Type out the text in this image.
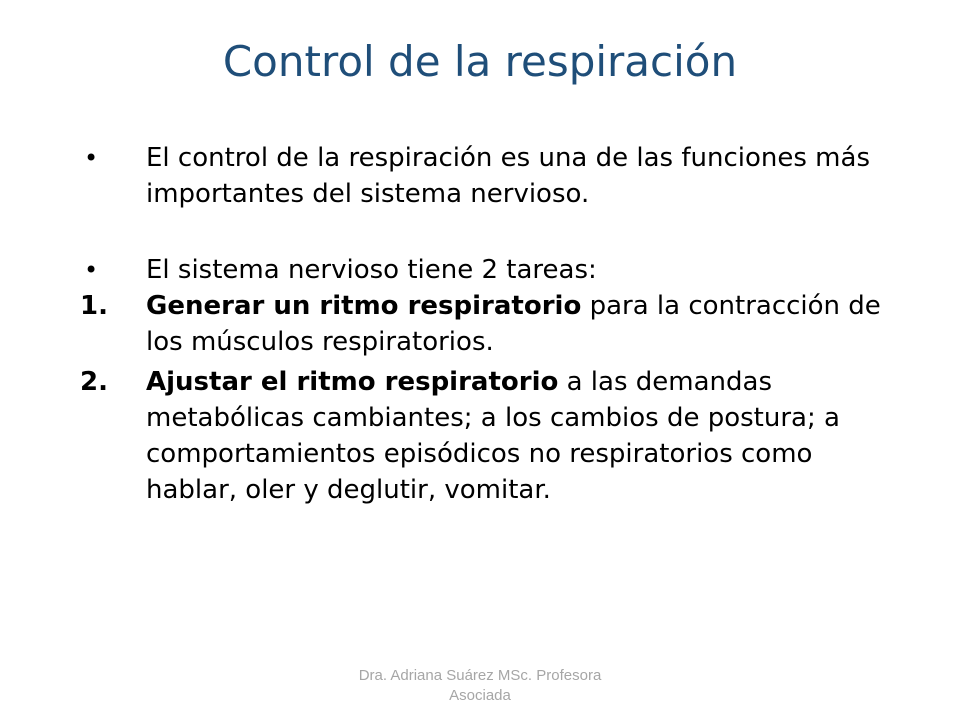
Control de la respiración
•	El control de la respiración es una de las funciones más importantes del sistema nervioso.
•	El sistema nervioso tiene 2 tareas:
1.	Generar un ritmo respiratorio para la contracción de los músculos respiratorios.
2.	Ajustar el ritmo respiratorio a las demandas metabólicas cambiantes; a los cambios de postura; a comportamientos episódicos no respiratorios como hablar, oler y deglutir, vomitar.
Dra. Adriana Suárez MSc. Profesora Asociada
